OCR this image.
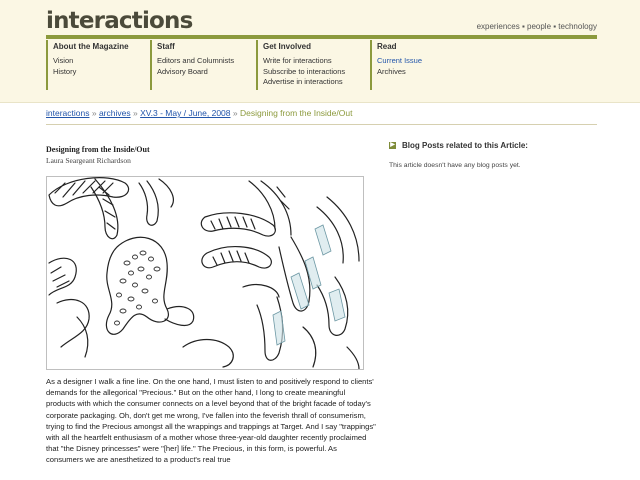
interactions	experiences ▪ people ▪ technology
About the Magazine
Vision
History
Staff
Editors and Columnists
Advisory Board
Get Involved
Write for interactions
Subscribe to interactions
Advertise in interactions
Read
Current Issue
Archives
interactions » archives » XV.3 - May / June, 2008 » Designing from the Inside/Out
Designing from the Inside/Out
Laura Seargeant Richardson
As a designer I walk a fine line. On the one hand, I must listen to and positively respond to clients' demands for the allegorical "Precious." But on the other hand, I long to create meaningful products with which the consumer connects on a level beyond that of the bright facade of today's corporate packaging. Oh, don't get me wrong, I've fallen into the feverish thrall of consumerism, trying to find the Precious amongst all the wrappings and trappings at Target. And I say "trappings" with all the heartfelt enthusiasm of a mother whose three-year-old daughter recently proclaimed that "the Disney princesses" were "[her] life." The Precious, in this form, is powerful. As consumers we are anesthetized to a product's real true
▶ Blog Posts related to this Article:
This article doesn't have any blog posts yet.
